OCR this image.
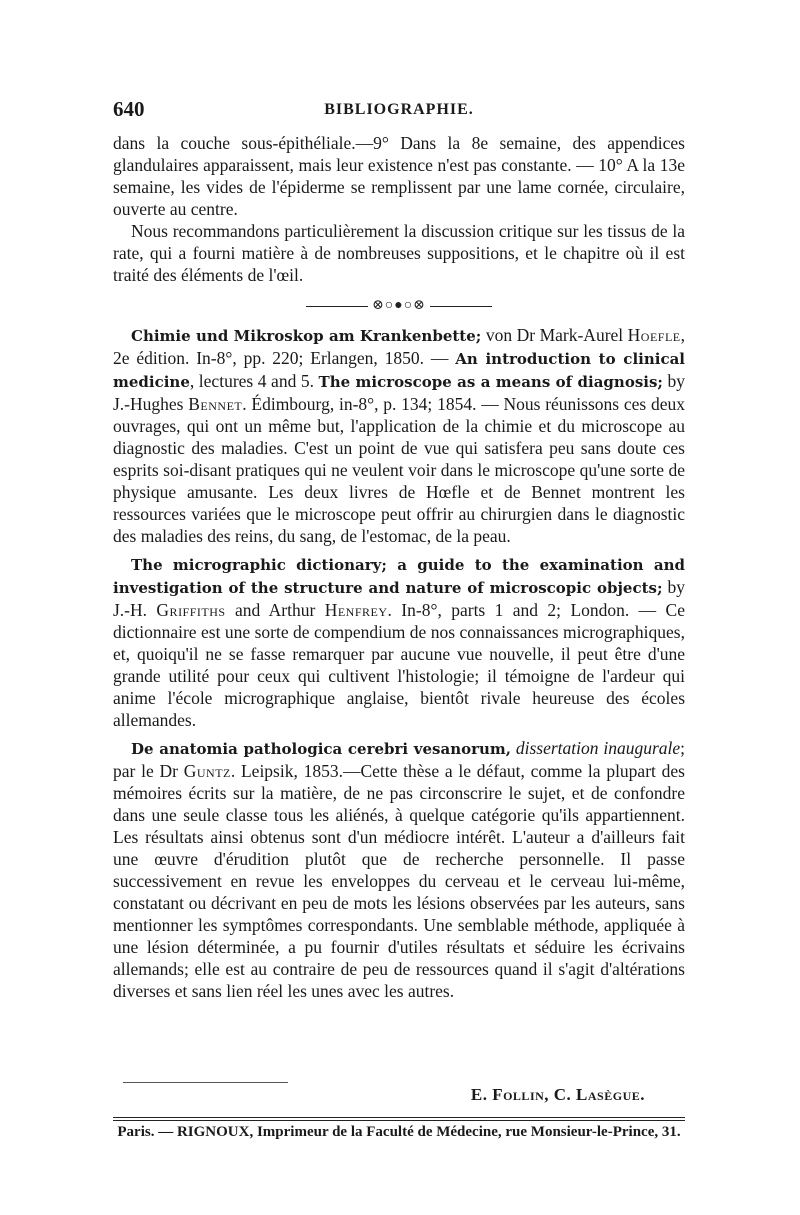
640	BIBLIOGRAPHIE.

dans la couche sous-épithéliale.—9° Dans la 8e semaine, des appendices glandulaires apparaissent, mais leur existence n'est pas constante. — 10° A la 13e semaine, les vides de l'épiderme se remplissent par une lame cornée, circulaire, ouverte au centre.

Nous recommandons particulièrement la discussion critique sur les tissus de la rate, qui a fourni matière à de nombreuses suppositions, et le chapitre où il est traité des éléments de l'œil.

⊗○●○⊗

Chimie und Mikroskop am Krankenbette; von Dr Mark-Aurel Hoefle, 2e édition. In-8°, pp. 220; Erlangen, 1850. — An introduction to clinical medicine, lectures 4 and 5. The microscope as a means of diagnosis; by J.-Hughes Bennet. Édimbourg, in-8°, p. 134; 1854. — Nous réunissons ces deux ouvrages, qui ont un même but, l'application de la chimie et du microscope au diagnostic des maladies. C'est un point de vue qui satisfera peu sans doute ces esprits soi-disant pratiques qui ne veulent voir dans le microscope qu'une sorte de physique amusante. Les deux livres de Hœfle et de Bennet montrent les ressources variées que le microscope peut offrir au chirurgien dans le diagnostic des maladies des reins, du sang, de l'estomac, de la peau.

The micrographic dictionary; a guide to the examination and investigation of the structure and nature of microscopic objects; by J.-H. Griffiths and Arthur Henfrey. In-8°, parts 1 and 2; London. — Ce dictionnaire est une sorte de compendium de nos connaissances micrographiques, et, quoiqu'il ne se fasse remarquer par aucune vue nouvelle, il peut être d'une grande utilité pour ceux qui cultivent l'histologie; il témoigne de l'ardeur qui anime l'école micrographique anglaise, bientôt rivale heureuse des écoles allemandes.

De anatomia pathologica cerebri vesanorum, dissertation inaugurale; par le Dr Guntz. Leipsik, 1853.—Cette thèse a le défaut, comme la plupart des mémoires écrits sur la matière, de ne pas circonscrire le sujet, et de confondre dans une seule classe tous les aliénés, à quelque catégorie qu'ils appartiennent. Les résultats ainsi obtenus sont d'un médiocre intérêt. L'auteur a d'ailleurs fait une œuvre d'érudition plutôt que de recherche personnelle. Il passe successivement en revue les enveloppes du cerveau et le cerveau lui-même, constatant ou décrivant en peu de mots les lésions observées par les auteurs, sans mentionner les symptômes correspondants. Une semblable méthode, appliquée à une lésion déterminée, a pu fournir d'utiles résultats et séduire les écrivains allemands; elle est au contraire de peu de ressources quand il s'agit d'altérations diverses et sans lien réel les unes avec les autres.

E. Follin, C. Lasègue.
Paris. — RIGNOUX, Imprimeur de la Faculté de Médecine, rue Monsieur-le-Prince, 31.
